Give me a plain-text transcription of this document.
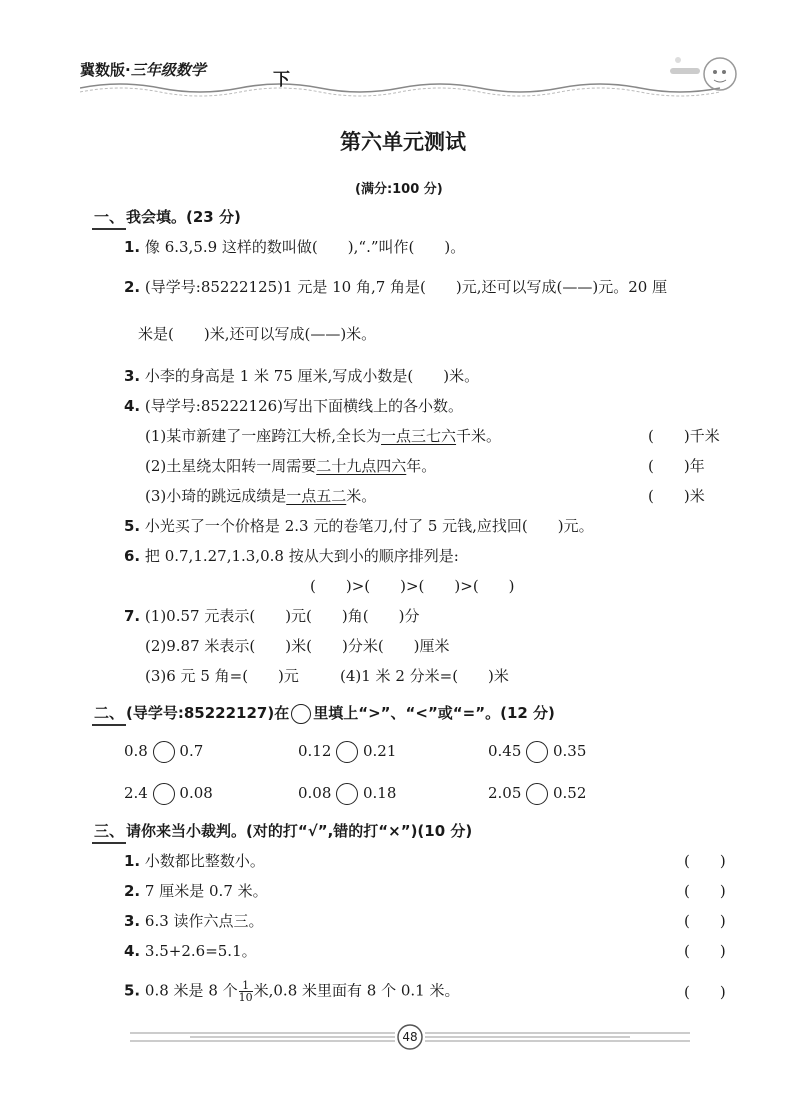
冀数版·三年级数学	下
第六单元测试
(满分:100 分)
一、 我会填。(23 分)
1. 像 6.3,5.9 这样的数叫做(　　),“.”叫作(　　)。
2. (导学号:85222125)1 元是 10 角,7 角是(　　)元,还可以写成(——)元。20 厘
米是(　　)米,还可以写成(——)米。
3. 小李的身高是 1 米 75 厘米,写成小数是(　　)米。
4. (导学号:85222126)写出下面横线上的各小数。
(1)某市新建了一座跨江大桥,全长为一点三七六千米。	(　　)千米
(2)土星绕太阳转一周需要二十九点四六年。	(　　)年
(3)小琦的跳远成绩是一点五二米。	(　　)米
5. 小光买了一个价格是 2.3 元的卷笔刀,付了 5 元钱,应找回(　　)元。
6. 把 0.7,1.27,1.3,0.8 按从大到小的顺序排列是:
(　　)>(　　)>(　　)>(　　)
7. (1)0.57 元表示(　　)元(　　)角(　　)分
(2)9.87 米表示(　　)米(　　)分米(　　)厘米
(3)6 元 5 角=(　　)元	(4)1 米 2 分米=(　　)米
二、 (导学号:85222127)在 里填上“>”、“<”或“=”。(12 分)
0.8 0.7	0.12 0.21	0.45 0.35
2.4 0.08	0.08 0.18	2.05 0.52
三、 请你来当小裁判。(对的打“√”,错的打“×”)(10 分)
1. 小数都比整数小。	(　　)
2. 7 厘米是 0.7 米。	(　　)
3. 6.3 读作六点三。	(　　)
4. 3.5+2.6=5.1。	(　　)
5. 0.8 米是 8 个 $\frac{1}{10}$ 米,0.8 米里面有 8 个 0.1 米。	(　　)
48
